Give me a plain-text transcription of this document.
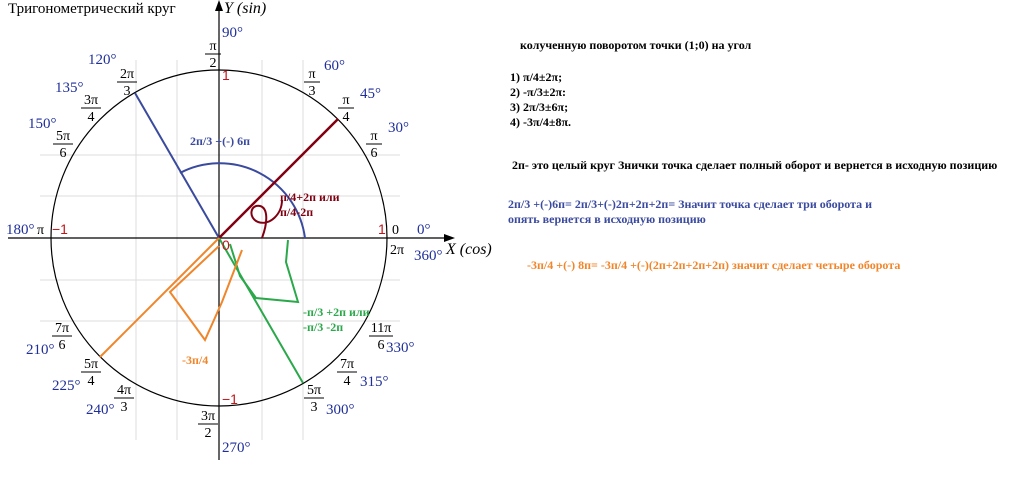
1
1
−1
−1
0
Тригонометрический круг	Y (sin)
X (cos)
90°
60°
45°
30°
0°
360°
120°
135°
150°
180°
210°
225°
240°
270°
300°
315°
330°
π
2
π
3
π
4
π
6
0
2π
2π
3
3π
4
5π
6
π
7π
6
5π
4
4π
3
3π
2
5π
3
7π
4
11π
6
2п/3 +(-) 6п
п/4+2п или
п/4-2п
-п/3 +2п или
-п/3 -2п
-3п/4
колученную поворотом точки (1;0) на угол
1) π/4±2π;
2) -π/3±2π:
3) 2π/3±6π;
4) -3π/4±8π.
2п- это целый круг Знички точка сделает полный оборот и вернется в исходную позицию
2п/3 +(-)6п= 2п/3+(-)2п+2п+2п= Значит точка сделает три оборота и
опять вернется в исходную позицию
-3п/4 +(-) 8п= -3п/4 +(-)(2п+2п+2п+2п) значит сделает четыре оборота
